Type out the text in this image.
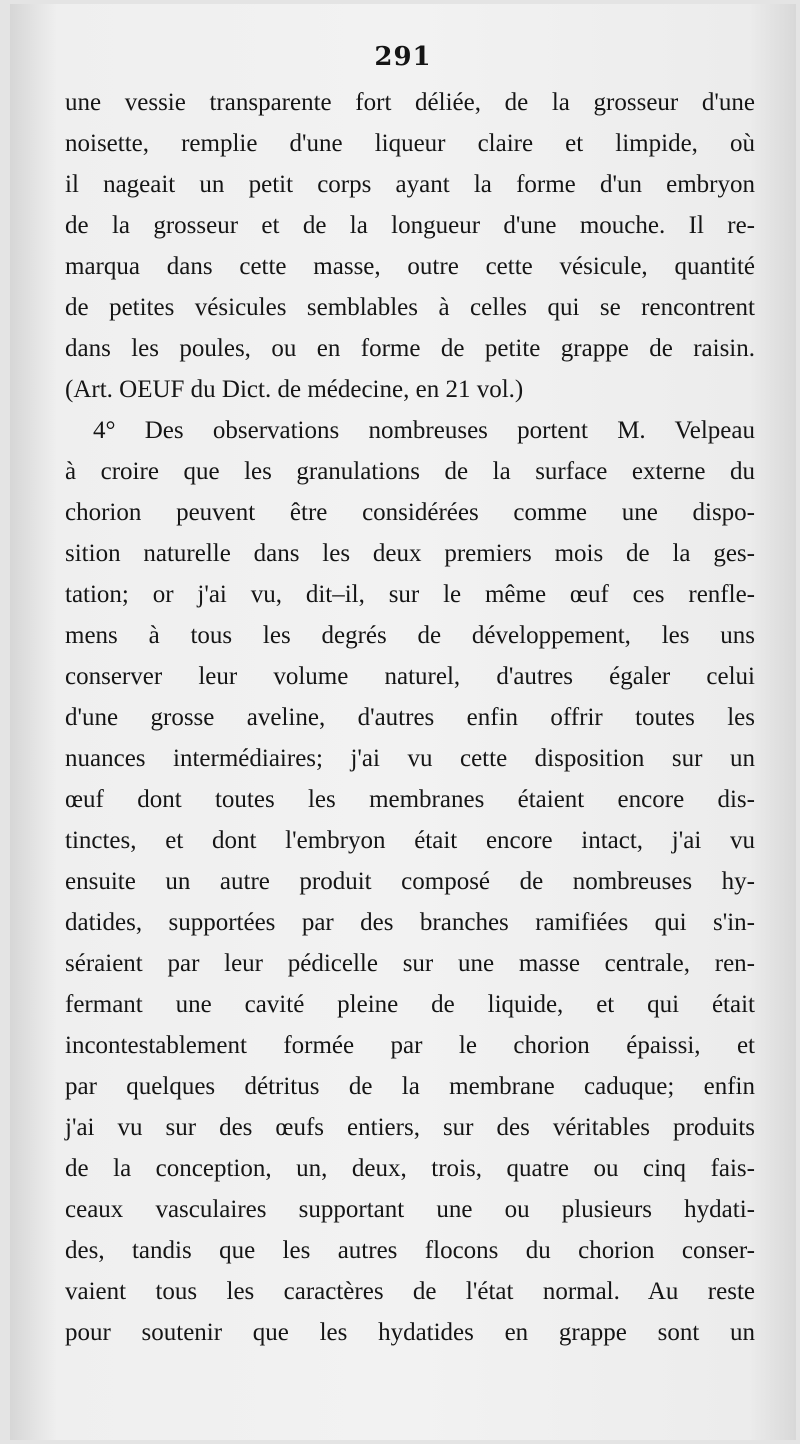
291
une vessie transparente fort déliée, de la grosseur d'une
noisette, remplie d'une liqueur claire et limpide, où
il nageait un petit corps ayant la forme d'un embryon
de la grosseur et de la longueur d'une mouche. Il re-
marqua dans cette masse, outre cette vésicule, quantité
de petites vésicules semblables à celles qui se rencontrent
dans les poules, ou en forme de petite grappe de raisin.
(Art. OEUF du Dict. de médecine, en 21 vol.)
4° Des observations nombreuses portent M. Velpeau
à croire que les granulations de la surface externe du
chorion peuvent être considérées comme une dispo-
sition naturelle dans les deux premiers mois de la ges-
tation; or j'ai vu, dit–il, sur le même œuf ces renfle-
mens à tous les degrés de développement, les uns
conserver leur volume naturel, d'autres égaler celui
d'une grosse aveline, d'autres enfin offrir toutes les
nuances intermédiaires; j'ai vu cette disposition sur un
œuf dont toutes les membranes étaient encore dis-
tinctes, et dont l'embryon était encore intact, j'ai vu
ensuite un autre produit composé de nombreuses hy-
datides, supportées par des branches ramifiées qui s'in-
séraient par leur pédicelle sur une masse centrale, ren-
fermant une cavité pleine de liquide, et qui était
incontestablement formée par le chorion épaissi, et
par quelques détritus de la membrane caduque; enfin
j'ai vu sur des œufs entiers, sur des véritables produits
de la conception, un, deux, trois, quatre ou cinq fais-
ceaux vasculaires supportant une ou plusieurs hydati-
des, tandis que les autres flocons du chorion conser-
vaient tous les caractères de l'état normal. Au reste
pour soutenir que les hydatides en grappe sont un
